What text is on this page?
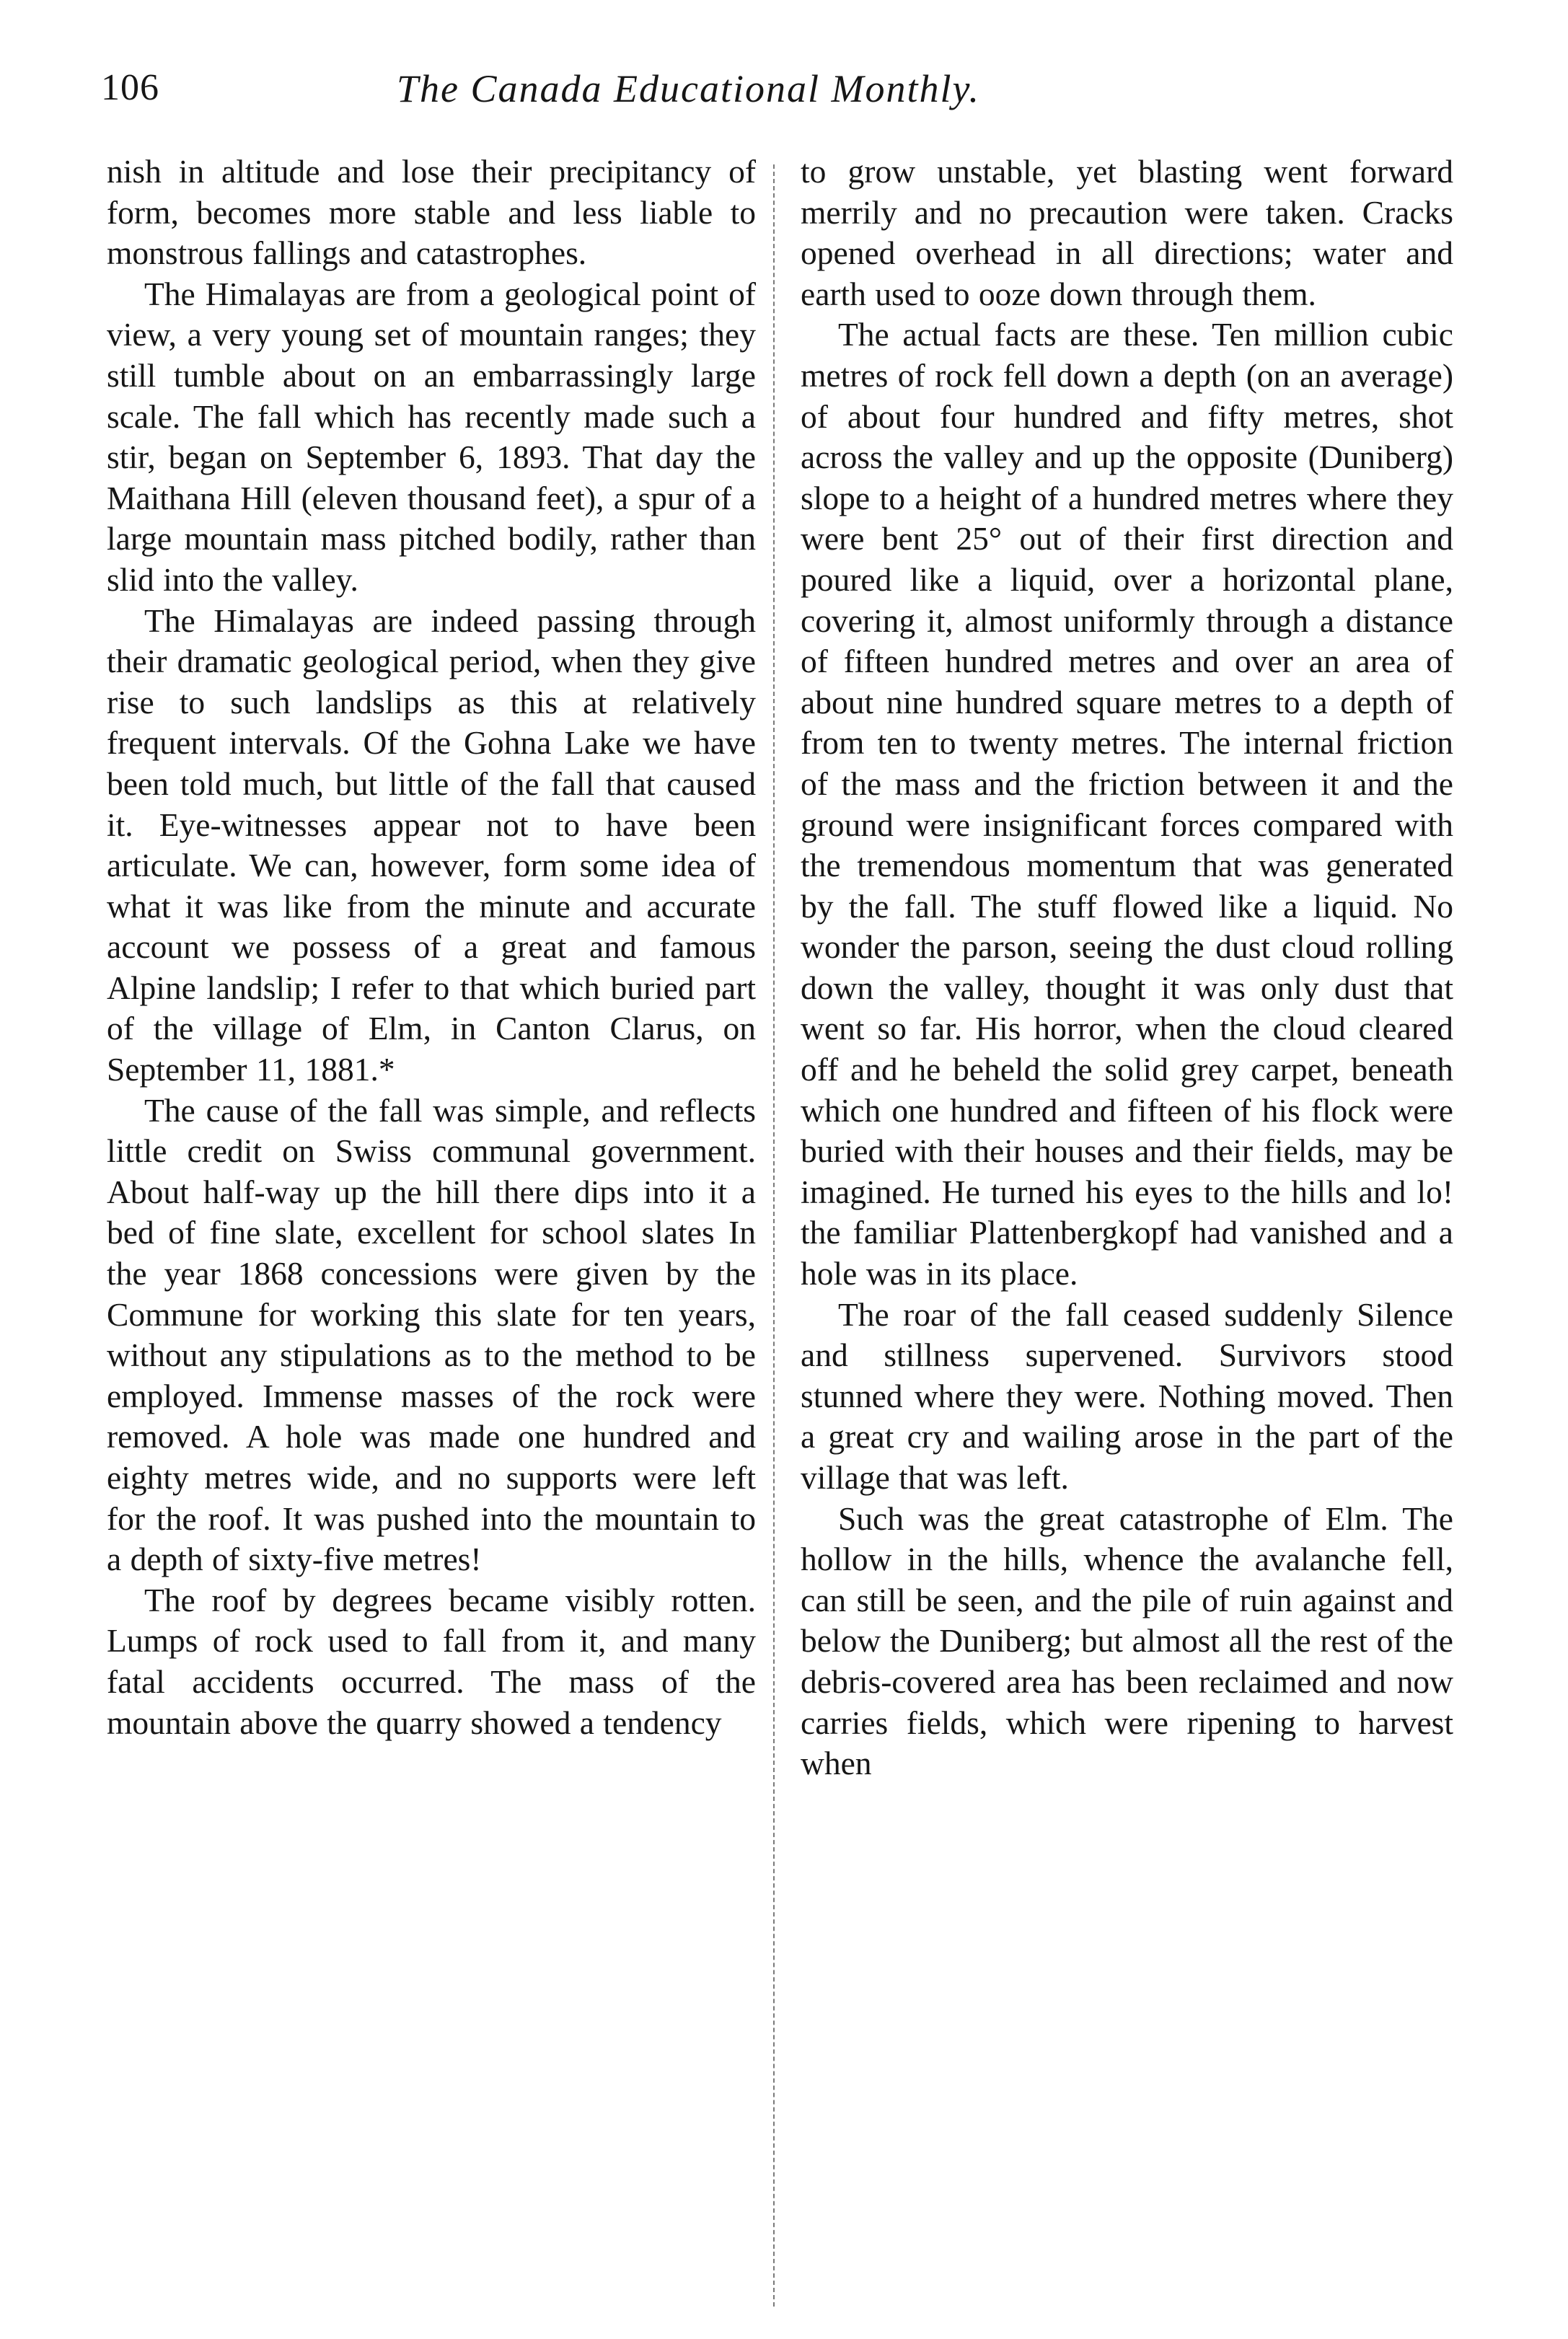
106	The Canada Educational Monthly.

nish in altitude and lose their precipitancy of form, becomes more stable and less liable to monstrous fallings and catastrophes.

The Himalayas are from a geological point of view, a very young set of mountain ranges; they still tumble about on an embarrassingly large scale. The fall which has recently made such a stir, began on September 6, 1893. That day the Maithana Hill (eleven thousand feet), a spur of a large mountain mass pitched bodily, rather than slid into the valley.

The Himalayas are indeed passing through their dramatic geological period, when they give rise to such landslips as this at relatively frequent intervals. Of the Gohna Lake we have been told much, but little of the fall that caused it. Eye-witnesses appear not to have been articulate. We can, however, form some idea of what it was like from the minute and accurate account we possess of a great and famous Alpine landslip; I refer to that which buried part of the village of Elm, in Canton Clarus, on September 11, 1881.*

The cause of the fall was simple, and reflects little credit on Swiss communal government. About half-way up the hill there dips into it a bed of fine slate, excellent for school slates In the year 1868 concessions were given by the Commune for working this slate for ten years, without any stipulations as to the method to be employed. Immense masses of the rock were removed. A hole was made one hundred and eighty metres wide, and no supports were left for the roof. It was pushed into the mountain to a depth of sixty-five metres!

The roof by degrees became visibly rotten. Lumps of rock used to fall from it, and many fatal accidents occurred. The mass of the mountain above the quarry showed a tendency

to grow unstable, yet blasting went forward merrily and no precaution were taken. Cracks opened overhead in all directions; water and earth used to ooze down through them.

The actual facts are these. Ten million cubic metres of rock fell down a depth (on an average) of about four hundred and fifty metres, shot across the valley and up the opposite (Duniberg) slope to a height of a hundred metres where they were bent 25° out of their first direction and poured like a liquid, over a horizontal plane, covering it, almost uniformly through a distance of fifteen hundred metres and over an area of about nine hundred square metres to a depth of from ten to twenty metres. The internal friction of the mass and the friction between it and the ground were insignificant forces compared with the tremendous momentum that was generated by the fall. The stuff flowed like a liquid. No wonder the parson, seeing the dust cloud rolling down the valley, thought it was only dust that went so far. His horror, when the cloud cleared off and he beheld the solid grey carpet, beneath which one hundred and fifteen of his flock were buried with their houses and their fields, may be imagined. He turned his eyes to the hills and lo! the familiar Plattenbergkopf had vanished and a hole was in its place.

The roar of the fall ceased suddenly Silence and stillness supervened. Survivors stood stunned where they were. Nothing moved. Then a great cry and wailing arose in the part of the village that was left.

Such was the great catastrophe of Elm. The hollow in the hills, whence the avalanche fell, can still be seen, and the pile of ruin against and below the Duniberg; but almost all the rest of the debris-covered area has been reclaimed and now carries fields, which were ripening to harvest when
